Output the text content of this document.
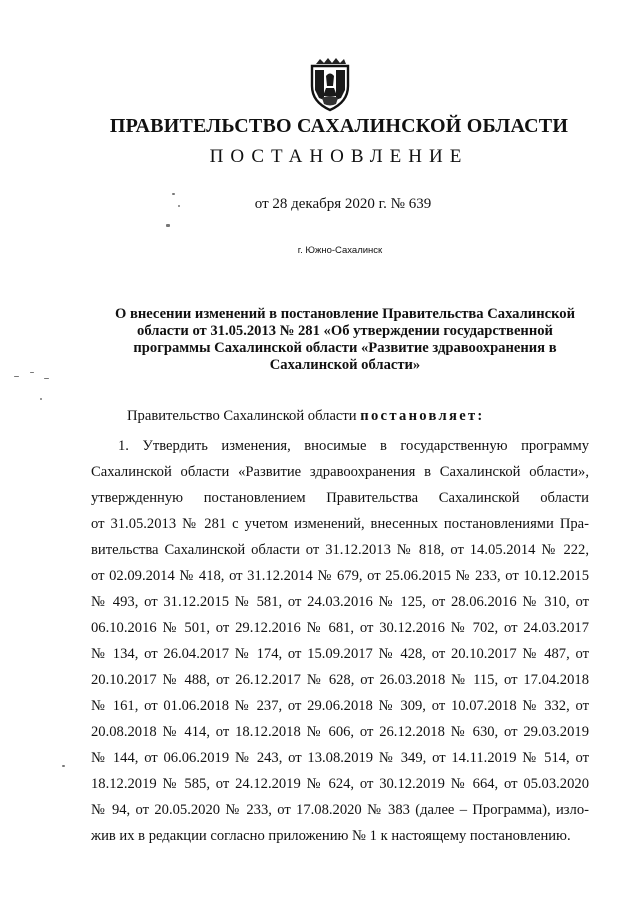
ПРАВИТЕЛЬСТВО САХАЛИНСКОЙ ОБЛАСТИ
ПОСТАНОВЛЕНИЕ
от 28 декабря 2020 г. № 639
г. Южно-Сахалинск
О внесении изменений в постановление Правительства Сахалинской
области от 31.05.2013 № 281 «Об утверждении государственной
программы Сахалинской области «Развитие здравоохранения в
Сахалинской области»
Правительство Сахалинской области постановляет:
1. Утвердить изменения, вносимые в государственную программу
Сахалинской области «Развитие здравоохранения в Сахалинской области»,
утвержденную постановлением Правительства Сахалинской области
от 31.05.2013 № 281 с учетом изменений, внесенных постановлениями Пра-
вительства Сахалинской области от 31.12.2013 № 818, от 14.05.2014 № 222,
от 02.09.2014 № 418, от 31.12.2014 № 679, от 25.06.2015 № 233, от 10.12.2015
№ 493, от 31.12.2015 № 581, от 24.03.2016 № 125, от 28.06.2016 № 310, от
06.10.2016 № 501, от 29.12.2016 № 681, от 30.12.2016 № 702, от 24.03.2017
№ 134, от 26.04.2017 № 174, от 15.09.2017 № 428, от 20.10.2017 № 487, от
20.10.2017 № 488, от 26.12.2017 № 628, от 26.03.2018 № 115, от 17.04.2018
№ 161, от 01.06.2018 № 237, от 29.06.2018 № 309, от 10.07.2018 № 332, от
20.08.2018 № 414, от 18.12.2018 № 606, от 26.12.2018 № 630, от 29.03.2019
№ 144, от 06.06.2019 № 243, от 13.08.2019 № 349, от 14.11.2019 № 514, от
18.12.2019 № 585, от 24.12.2019 № 624, от 30.12.2019 № 664, от 05.03.2020
№ 94, от 20.05.2020 № 233, от 17.08.2020 № 383 (далее – Программа), изло-
жив их в редакции согласно приложению № 1 к настоящему постановлению.
